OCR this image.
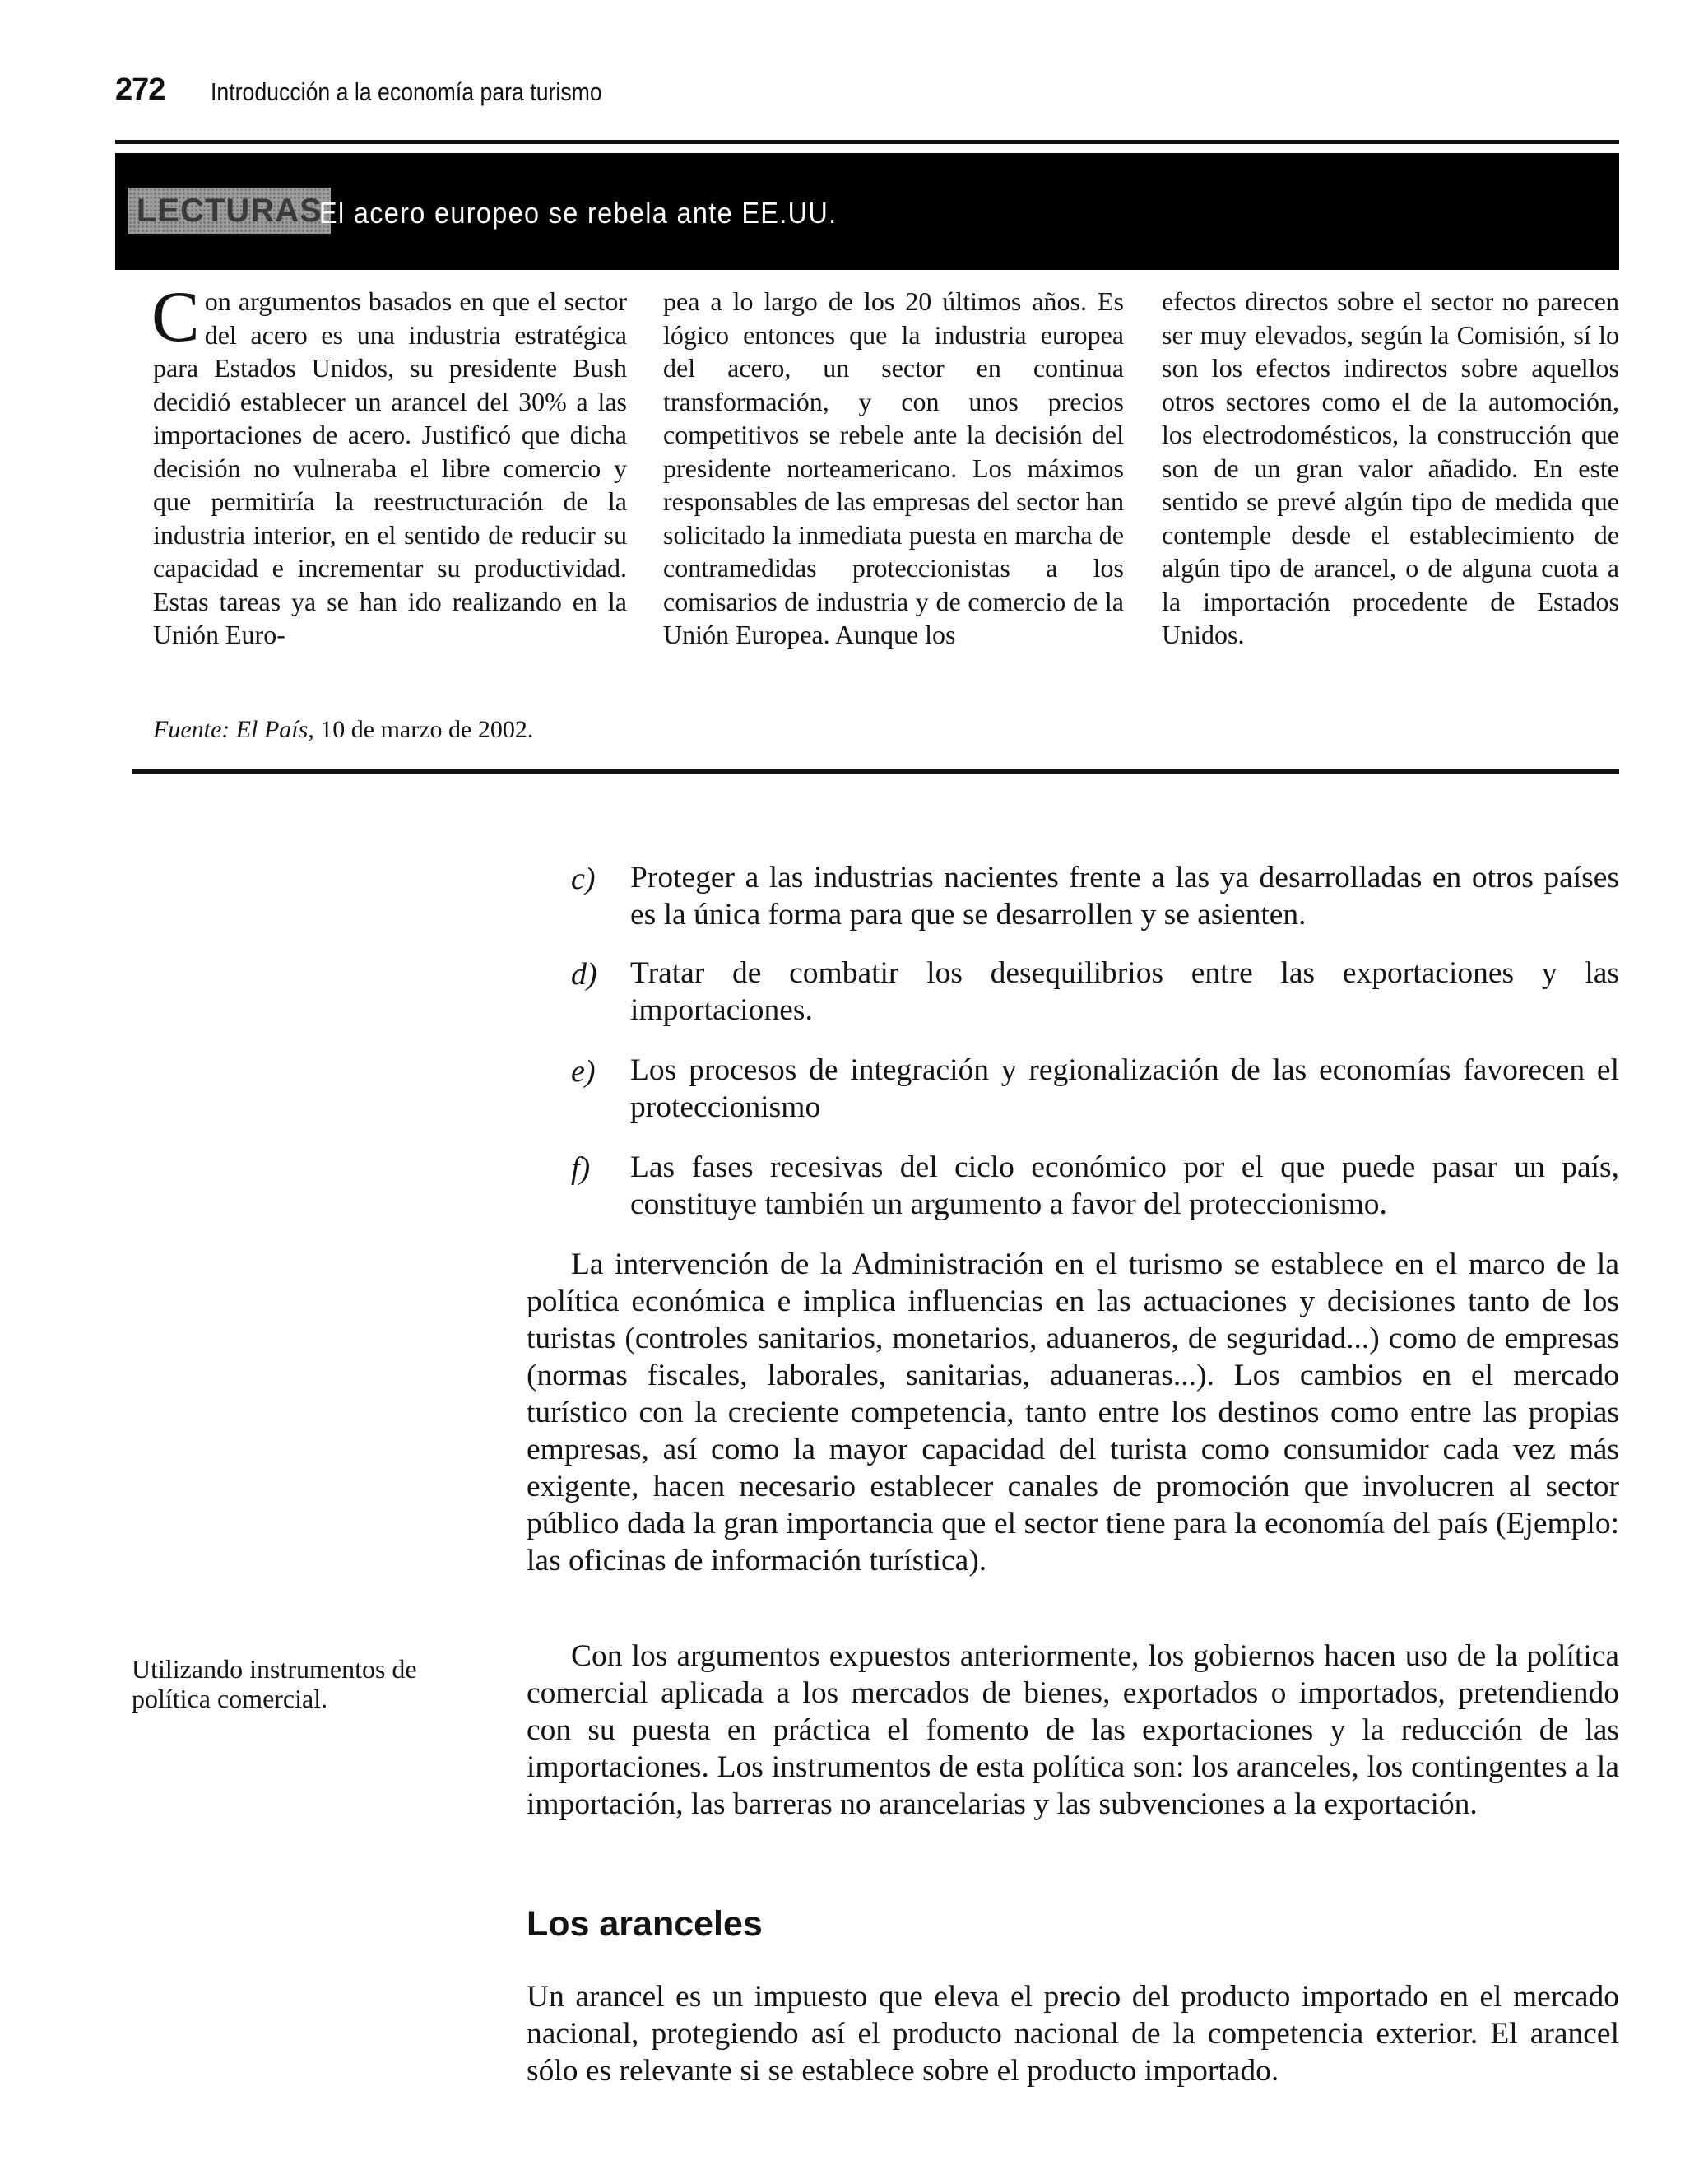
272 Introducción a la economía para turismo
LECTURAS
El acero europeo se rebela ante EE.UU.
Con argumentos basados en que el sector del acero es una industria estratégica para Estados Unidos, su presidente Bush decidió establecer un arancel del 30% a las importaciones de acero. Justificó que dicha decisión no vulneraba el libre comercio y que permitiría la reestructuración de la industria interior, en el sentido de reducir su capacidad e incrementar su productividad. Estas tareas ya se han ido realizando en la Unión Euro-
pea a lo largo de los 20 últimos años. Es lógico entonces que la industria europea del acero, un sector en continua transformación, y con unos precios competitivos se rebele ante la decisión del presidente norteamericano. Los máximos responsables de las empresas del sector han solicitado la inmediata puesta en marcha de contramedidas proteccionistas a los comisarios de industria y de comercio de la Unión Europea. Aunque los
efectos directos sobre el sector no parecen ser muy elevados, según la Comisión, sí lo son los efectos indirectos sobre aquellos otros sectores como el de la automoción, los electrodomésticos, la construcción que son de un gran valor añadido. En este sentido se prevé algún tipo de medida que contemple desde el establecimiento de algún tipo de arancel, o de alguna cuota a la importación procedente de Estados Unidos.
Fuente: El País, 10 de marzo de 2002.
c) Proteger a las industrias nacientes frente a las ya desarrolladas en otros países es la única forma para que se desarrollen y se asienten.
d) Tratar de combatir los desequilibrios entre las exportaciones y las importaciones.
e) Los procesos de integración y regionalización de las economías favorecen el proteccionismo
f) Las fases recesivas del ciclo económico por el que puede pasar un país, constituye también un argumento a favor del proteccionismo.
La intervención de la Administración en el turismo se establece en el marco de la política económica e implica influencias en las actuaciones y decisiones tanto de los turistas (controles sanitarios, monetarios, aduaneros, de seguridad...) como de empresas (normas fiscales, laborales, sanitarias, aduaneras...). Los cambios en el mercado turístico con la creciente competencia, tanto entre los destinos como entre las propias empresas, así como la mayor capacidad del turista como consumidor cada vez más exigente, hacen necesario establecer canales de promoción que involucren al sector público dada la gran importancia que el sector tiene para la economía del país (Ejemplo: las oficinas de información turística).
Utilizando instrumentos de política comercial.
Con los argumentos expuestos anteriormente, los gobiernos hacen uso de la política comercial aplicada a los mercados de bienes, exportados o importados, pretendiendo con su puesta en práctica el fomento de las exportaciones y la reducción de las importaciones. Los instrumentos de esta política son: los aranceles, los contingentes a la importación, las barreras no arancelarias y las subvenciones a la exportación.
Los aranceles
Un arancel es un impuesto que eleva el precio del producto importado en el mercado nacional, protegiendo así el producto nacional de la competencia exterior. El arancel sólo es relevante si se establece sobre el producto importado.
